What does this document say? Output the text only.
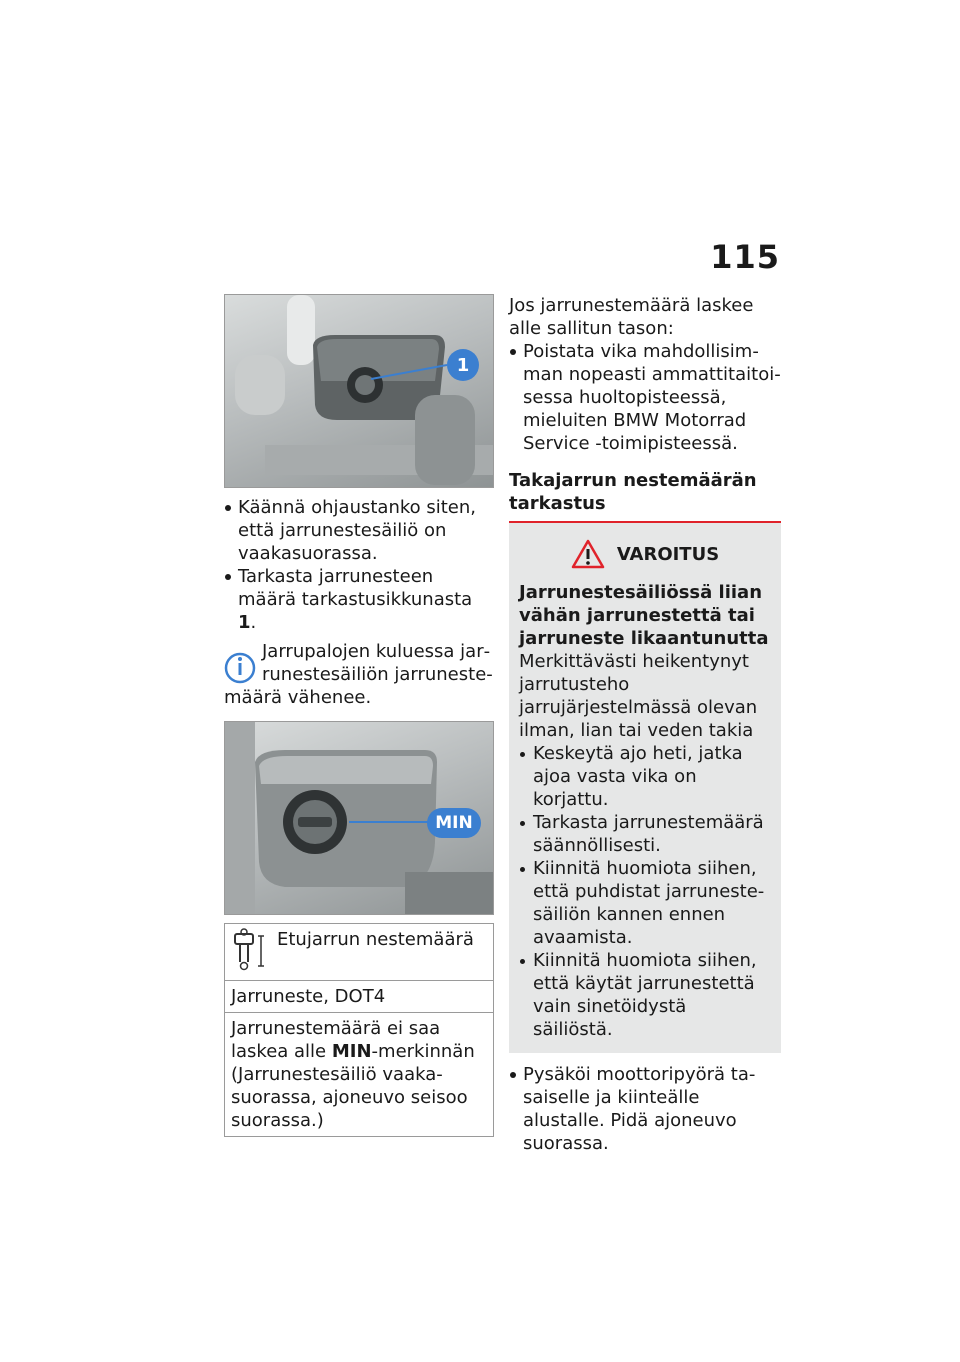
115
1

Käännä ohjaustanko siten, että jarrunestesäiliö on vaakasuorassa.

Tarkasta jarrunesteen määrä tarkastusikkunasta 1.

Jarrupalojen kuluessa jarrunestesäiliön jarrunestemäärä vähenee.

MIN
Etujarrun nestemäärä
Jarruneste, DOT4
Jarrunestemäärä ei saa laskea alle MIN-merkinnän (Jarrunestesäiliö vaakasuorassa, ajoneuvo seisoo suorassa.)

Jos jarrunestemäärä laskee alle sallitun tason:

Poistata vika mahdollisimman nopeasti ammattitaitoisessa huoltopisteessä, mieluiten BMW Motorrad Service -toimipisteessä.

Takajarrun nestemäärän tarkastus
VAROITUS

Jarrunestesäiliössä liian vähän jarrunestettä tai jarruneste likaantunutta

Merkittävästi heikentynyt jarrutusteho jarrujärjestelmässä olevan ilman, lian tai veden takia

Keskeytä ajo heti, jatka ajoa vasta vika on korjattu.

Tarkasta jarrunestemäärä säännöllisesti.

Kiinnitä huomiota siihen, että puhdistat jarrunestesäiliön kannen ennen avaamista.

Kiinnitä huomiota siihen, että käytät jarrunestettä vain sinetöidystä säiliöstä.

Pysäköi moottoripyörä tasaiselle ja kiinteälle alustalle. Pidä ajoneuvo suorassa.
